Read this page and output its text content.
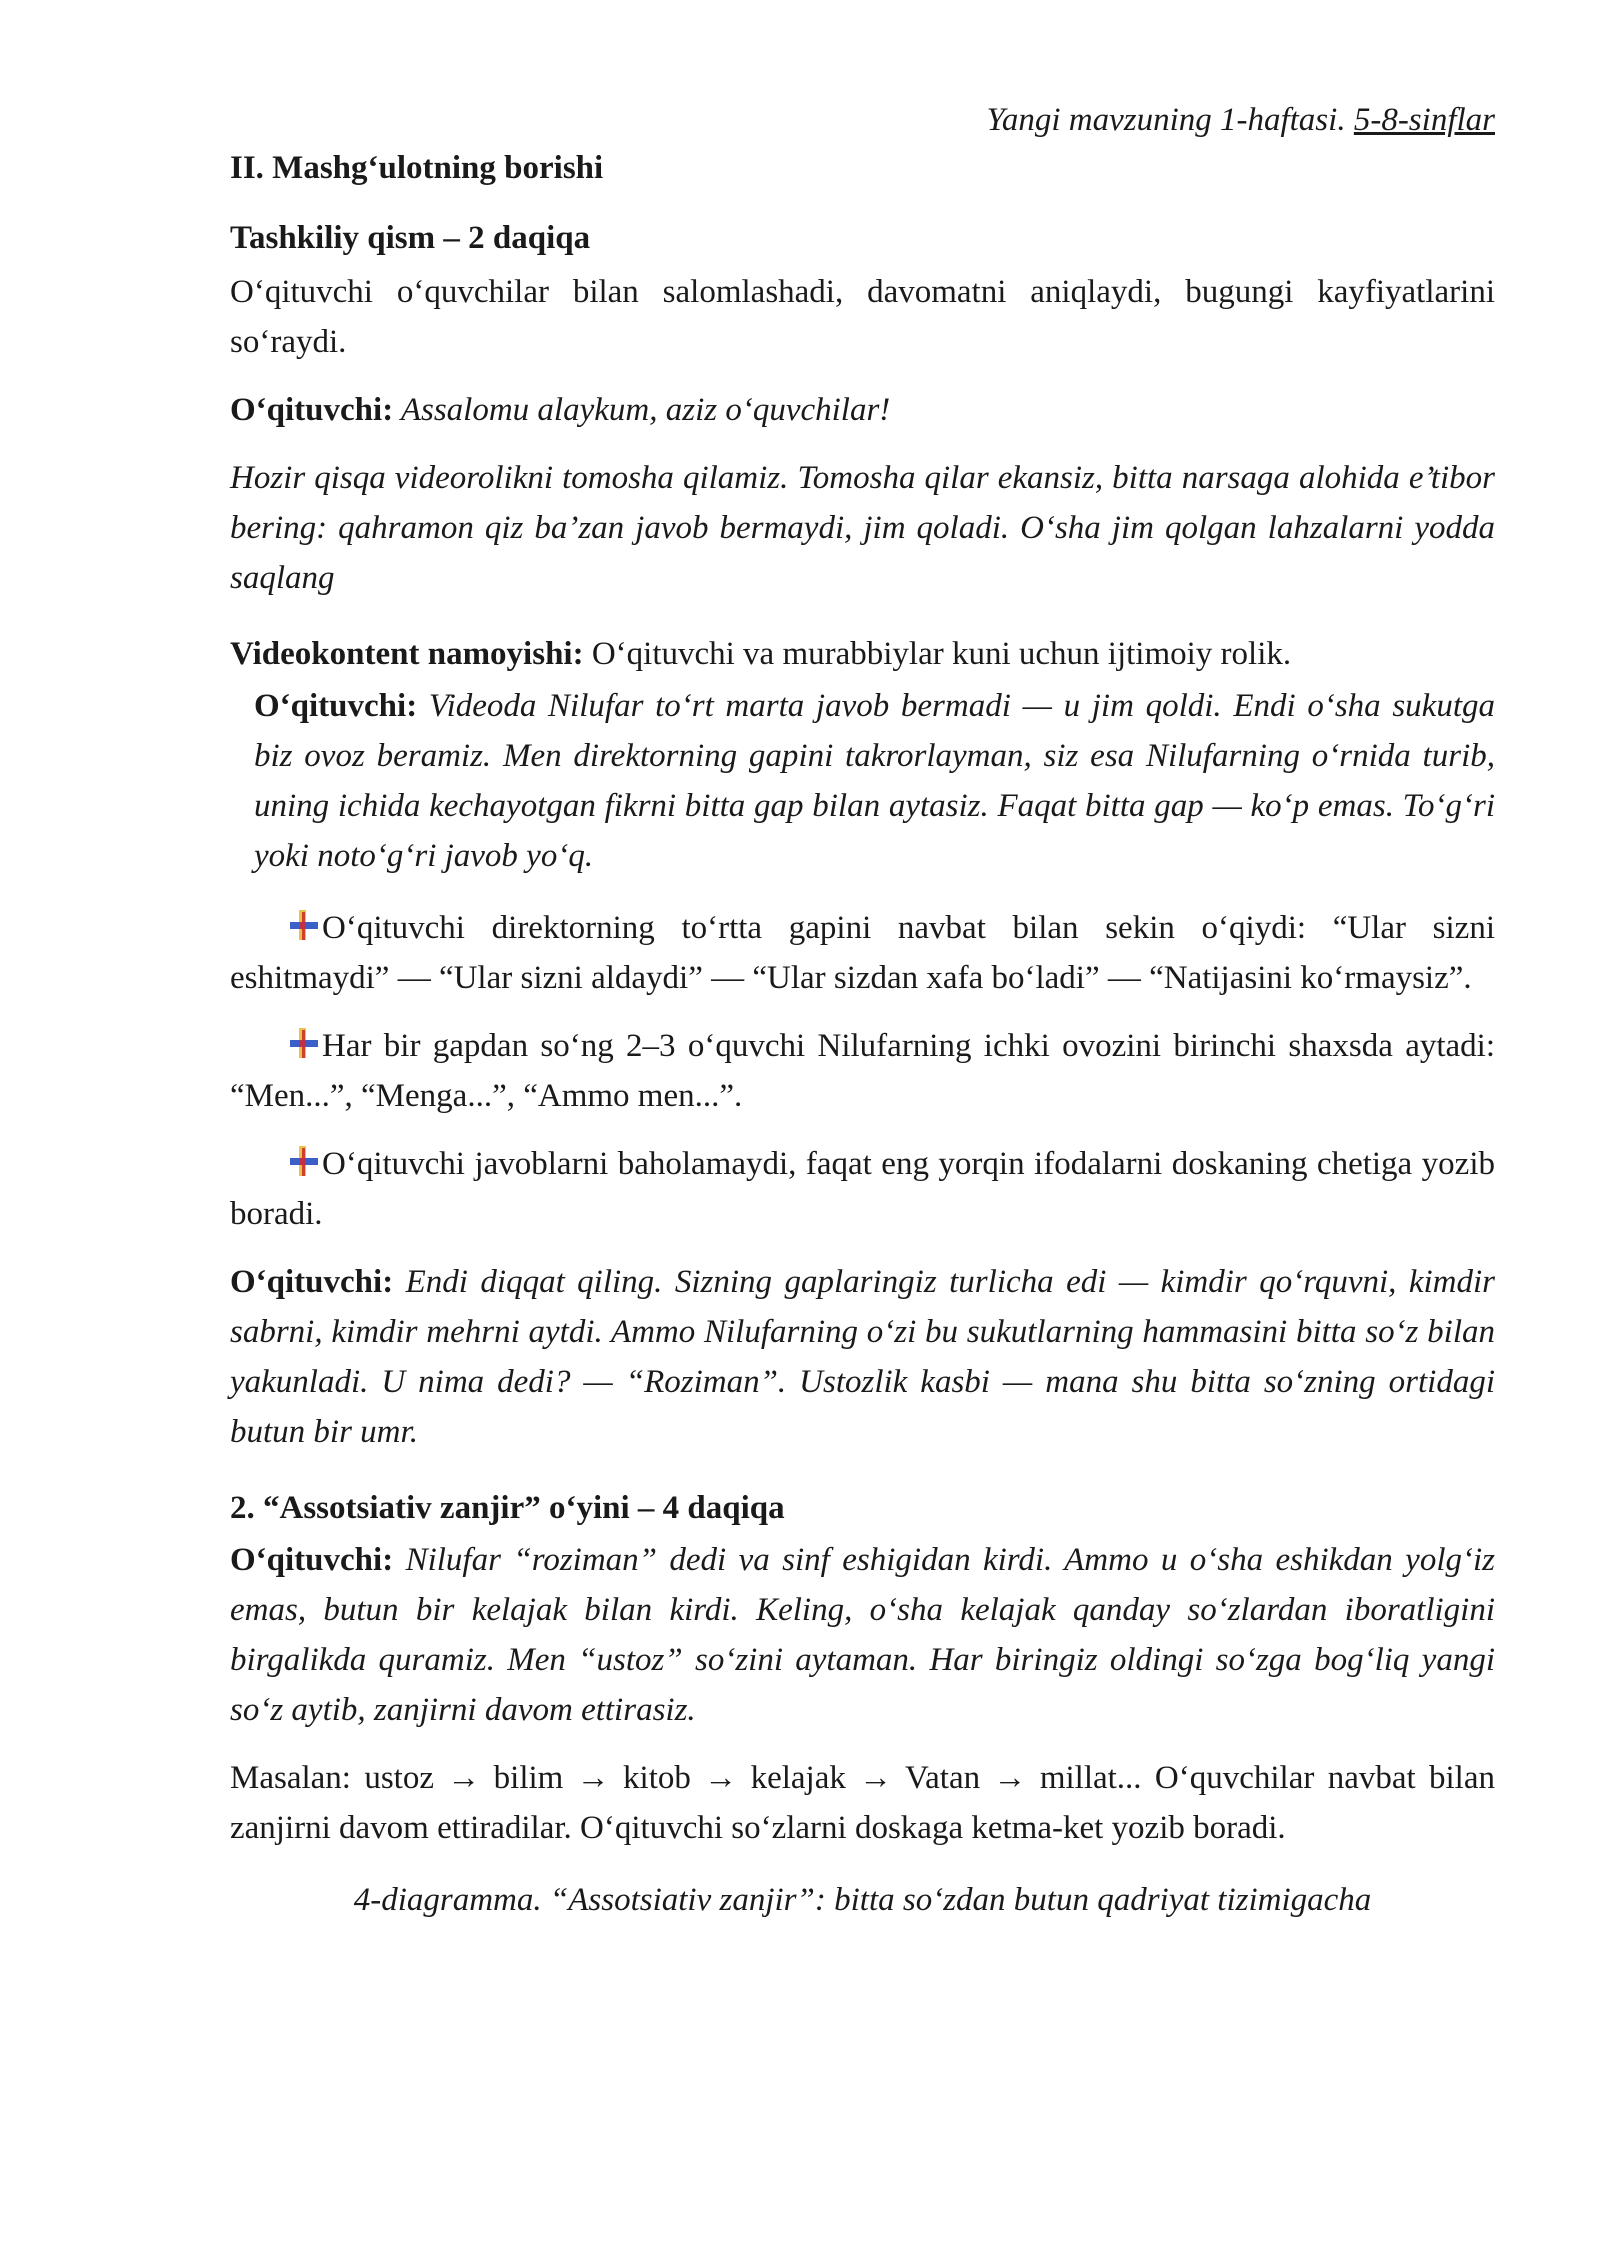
Yangi mavzuning 1-haftasi. 5-8-sinflar
II. Mashg‘ulotning borishi
Tashkiliy qism – 2 daqiqa

O‘qituvchi o‘quvchilar bilan salomlashadi, davomatni aniqlaydi, bugungi kayfiyatlarini so‘raydi.

O‘qituvchi: Assalomu alaykum, aziz o‘quvchilar!

Hozir qisqa videorolikni tomosha qilamiz. Tomosha qilar ekansiz, bitta narsaga alohida e’tibor bering: qahramon qiz ba’zan javob bermaydi, jim qoladi. O‘sha jim qolgan lahzalarni yodda saqlang

Videokontent namoyishi: O‘qituvchi va murabbiylar kuni uchun ijtimoiy rolik.

O‘qituvchi: Videoda Nilufar to‘rt marta javob bermadi — u jim qoldi. Endi o‘sha sukutga biz ovoz beramiz. Men direktorning gapini takrorlayman, siz esa Nilufarning o‘rnida turib, uning ichida kechayotgan fikrni bitta gap bilan aytasiz. Faqat bitta gap — ko‘p emas. To‘g‘ri yoki noto‘g‘ri javob yo‘q.

O‘qituvchi direktorning to‘rtta gapini navbat bilan sekin o‘qiydi: “Ular sizni eshitmaydi” — “Ular sizni aldaydi” — “Ular sizdan xafa bo‘ladi” — “Natijasini ko‘rmaysiz”.

Har bir gapdan so‘ng 2–3 o‘quvchi Nilufarning ichki ovozini birinchi shaxsda aytadi: “Men...”, “Menga...”, “Ammo men...”.

O‘qituvchi javoblarni baholamaydi, faqat eng yorqin ifodalarni doskaning chetiga yozib boradi.

O‘qituvchi: Endi diqqat qiling. Sizning gaplaringiz turlicha edi — kimdir qo‘rquvni, kimdir sabrni, kimdir mehrni aytdi. Ammo Nilufarning o‘zi bu sukutlarning hammasini bitta so‘z bilan yakunladi. U nima dedi? — “Roziman”. Ustozlik kasbi — mana shu bitta so‘zning ortidagi butun bir umr.

2. “Assotsiativ zanjir” o‘yini – 4 daqiqa

O‘qituvchi: Nilufar “roziman” dedi va sinf eshigidan kirdi. Ammo u o‘sha eshikdan yolg‘iz emas, butun bir kelajak bilan kirdi. Keling, o‘sha kelajak qanday so‘zlardan iboratligini birgalikda quramiz. Men “ustoz” so‘zini aytaman. Har biringiz oldingi so‘zga bog‘liq yangi so‘z aytib, zanjirni davom ettirasiz.

Masalan: ustoz → bilim → kitob → kelajak → Vatan → millat... O‘quvchilar navbat bilan zanjirni davom ettiradilar. O‘qituvchi so‘zlarni doskaga ketma-ket yozib boradi.

4-diagramma. “Assotsiativ zanjir”: bitta so‘zdan butun qadriyat tizimigacha
